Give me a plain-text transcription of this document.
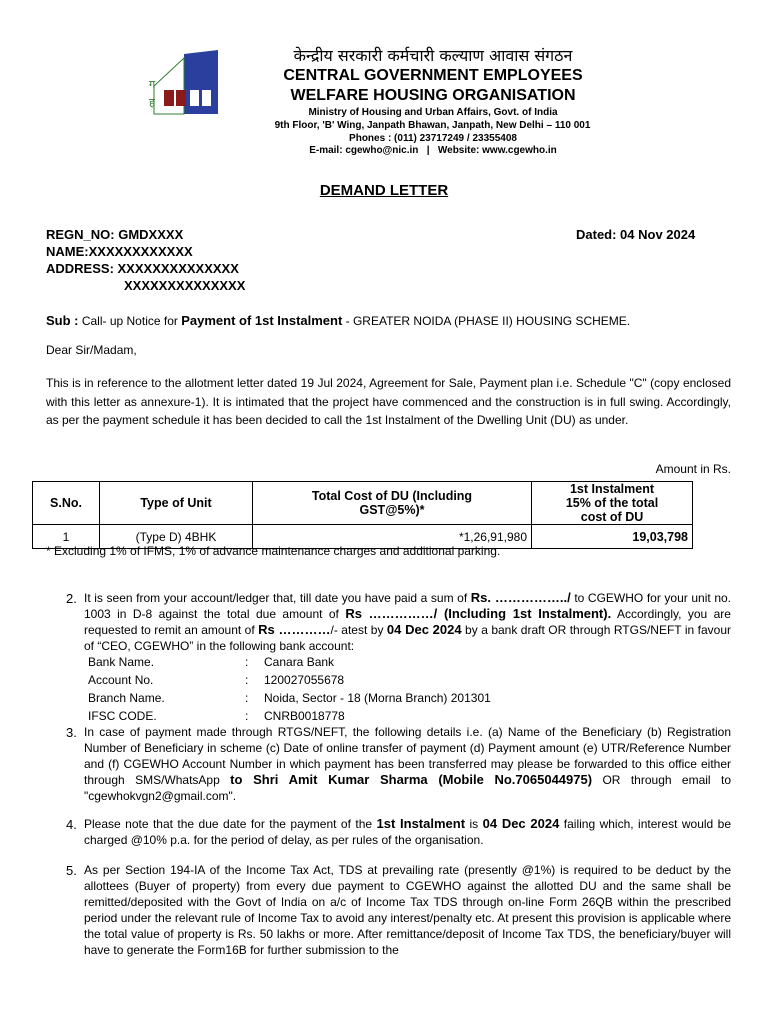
ग
ह
केन्द्रीय सरकारी कर्मचारी कल्याण आवास संगठन
CENTRAL GOVERNMENT EMPLOYEES
WELFARE HOUSING ORGANISATION
Ministry of Housing and Urban Affairs, Govt. of India
9th Floor, 'B' Wing, Janpath Bhawan, Janpath, New Delhi – 110 001
Phones : (011) 23717249 / 23355408
E-mail: cgewho@nic.in   |   Website: www.cgewho.in
DEMAND LETTER
REGN_NO: GMDXXXX	Dated: 04 Nov 2024
NAME:XXXXXXXXXXXX
ADDRESS: XXXXXXXXXXXXXX
XXXXXXXXXXXXXX
Sub : Call- up Notice for Payment of 1st Instalment - GREATER NOIDA (PHASE II) HOUSING SCHEME.
Dear Sir/Madam,
This is in reference to the allotment letter dated 19 Jul 2024, Agreement for Sale, Payment plan i.e. Schedule "C" (copy enclosed with this letter as annexure-1). It is intimated that the project have commenced and the construction is in full swing. Accordingly, as per the payment schedule it has been decided to call the 1st Instalment of the Dwelling Unit (DU) as under.
Amount in Rs.
S.No.	Type of Unit	Total Cost of DU (Including GST@5%)*	1st Instalment 15% of the total cost of DU
1	(Type D) 4BHK	*1,26,91,980	19,03,798
* Excluding 1% of IFMS, 1% of advance maintenance charges and additional parking.
2. It is seen from your account/ledger that, till date you have paid a sum of Rs. ……………../ to CGEWHO for your unit no. 1003 in D-8 against the total due amount of Rs ……………/ (Including 1st Instalment). Accordingly, you are requested to remit an amount of Rs …………/- atest by 04 Dec 2024 by a bank draft OR through RTGS/NEFT in favour of “CEO, CGEWHO” in the following bank account:
Bank Name.	:	Canara Bank
Account No.	:	120027055678
Branch Name.	:	Noida, Sector - 18 (Morna Branch) 201301
IFSC CODE.	:	CNRB0018778
3. In case of payment made through RTGS/NEFT, the following details i.e. (a) Name of the Beneficiary (b) Registration Number of Beneficiary in scheme (c) Date of online transfer of payment (d) Payment amount (e) UTR/Reference Number and (f) CGEWHO Account Number in which payment has been transferred may please be forwarded to this office either through SMS/WhatsApp to Shri Amit Kumar Sharma (Mobile No.7065044975) OR through email to "cgewhokvgn2@gmail.com".
4. Please note that the due date for the payment of the 1st Instalment is 04 Dec 2024 failing which, interest would be charged @10% p.a. for the period of delay, as per rules of the organisation.
5. As per Section 194-IA of the Income Tax Act, TDS at prevailing rate (presently @1%) is required to be deduct by the allottees (Buyer of property) from every due payment to CGEWHO against the allotted DU and the same shall be remitted/deposited with the Govt of India on a/c of Income Tax TDS through on-line Form 26QB within the prescribed period under the relevant rule of Income Tax to avoid any interest/penalty etc. At present this provision is applicable where the total value of property is Rs. 50 lakhs or more. After remittance/deposit of Income Tax TDS, the beneficiary/buyer will have to generate the Form16B for further submission to the
